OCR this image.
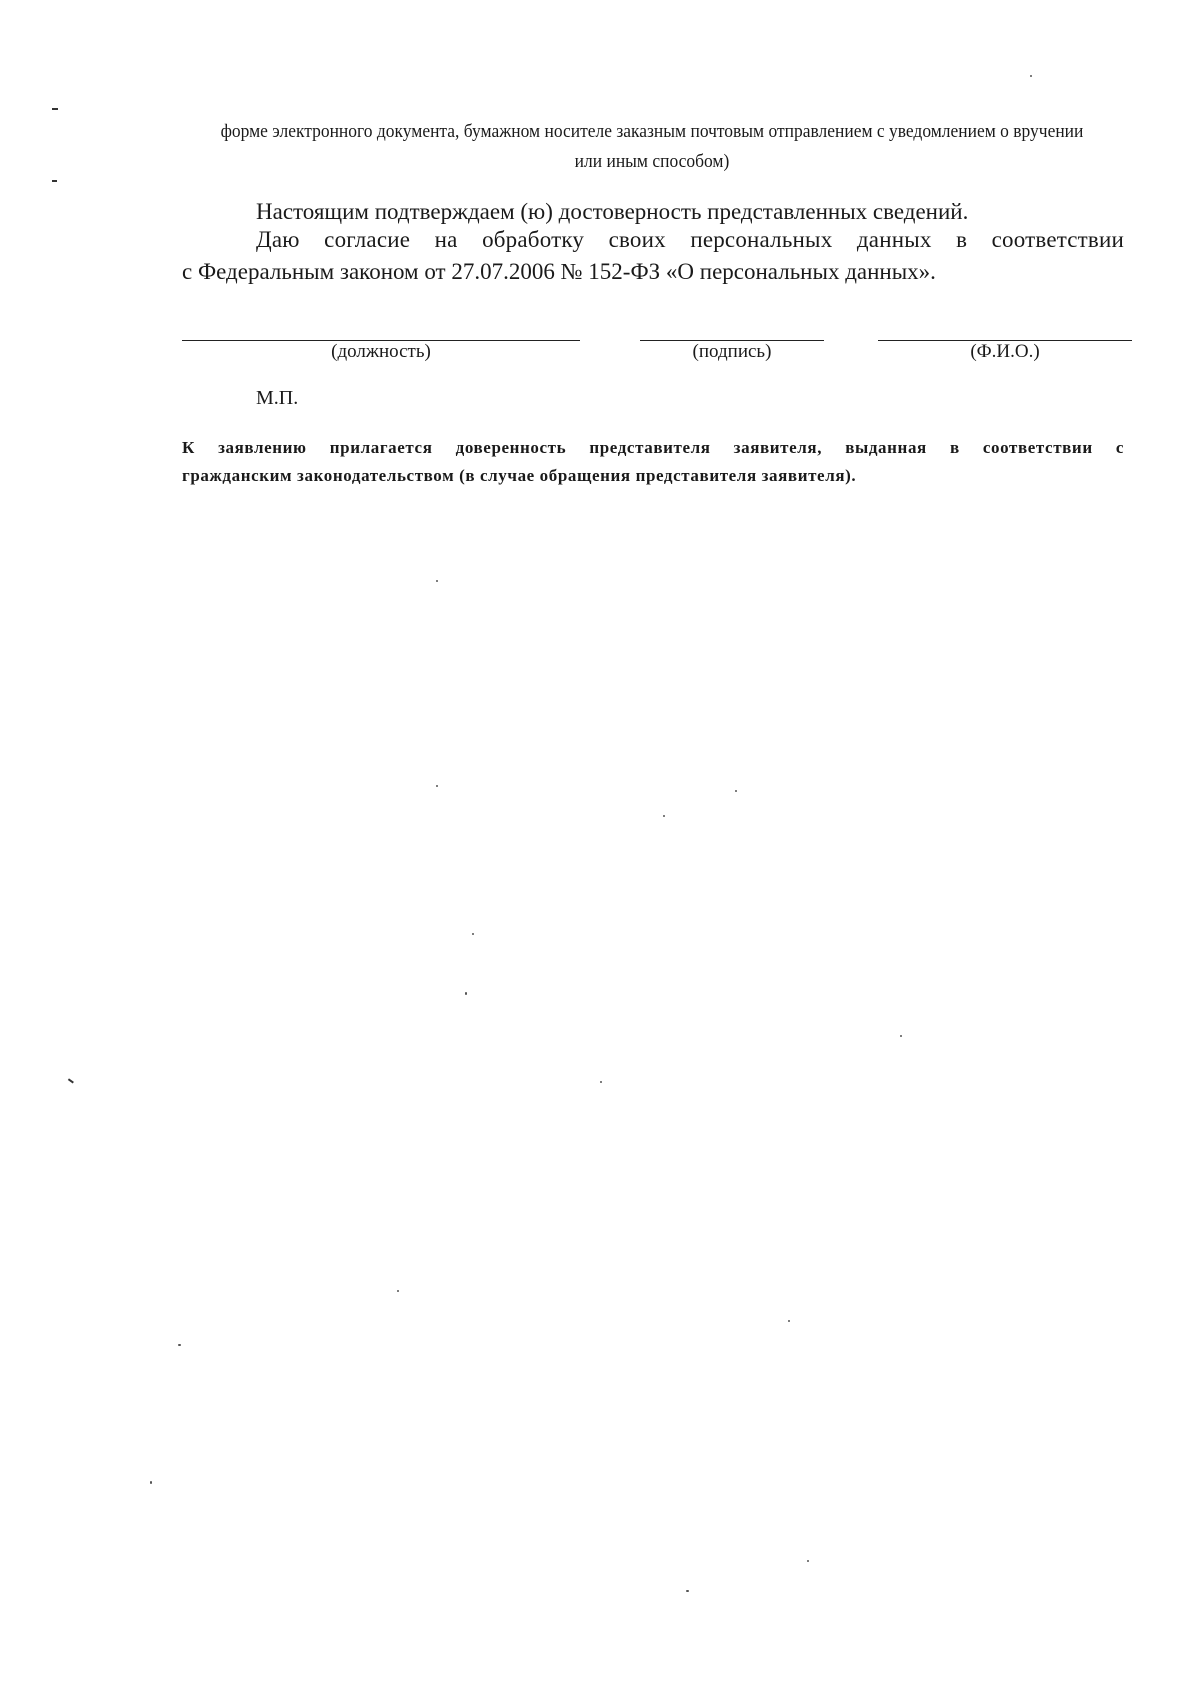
форме электронного документа, бумажном носителе заказным почтовым отправлением с уведомлением о вручении или иным способом)
Настоящим подтверждаем (ю) достоверность представленных сведений.
Даю согласие на обработку своих персональных данных в соответствии
с Федеральным законом от 27.07.2006 № 152-ФЗ «О персональных данных».
(должность)	(подпись)	(Ф.И.О.)
М.П.
К заявлению прилагается доверенность представителя заявителя, выданная в соответствии с
гражданским законодательством (в случае обращения представителя заявителя).
